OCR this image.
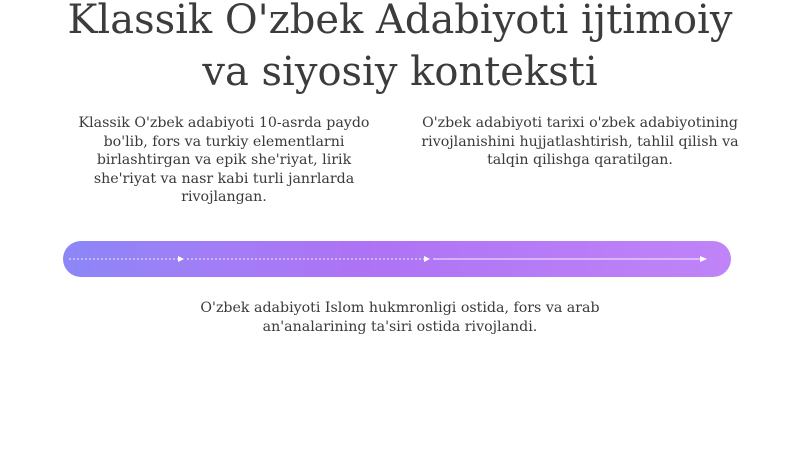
Klassik O'zbek Adabiyoti ijtimoiy
va siyosiy konteksti
Klassik O'zbek adabiyoti 10-asrda paydo bo'lib, fors va turkiy elementlarni birlashtirgan va epik she'riyat, lirik she'riyat va nasr kabi turli janrlarda rivojlangan.
O'zbek adabiyoti tarixi o'zbek adabiyotining rivojlanishini hujjatlashtirish, tahlil qilish va talqin qilishga qaratilgan.
O'zbek adabiyoti Islom hukmronligi ostida, fors va arab an'analarining ta'siri ostida rivojlandi.
